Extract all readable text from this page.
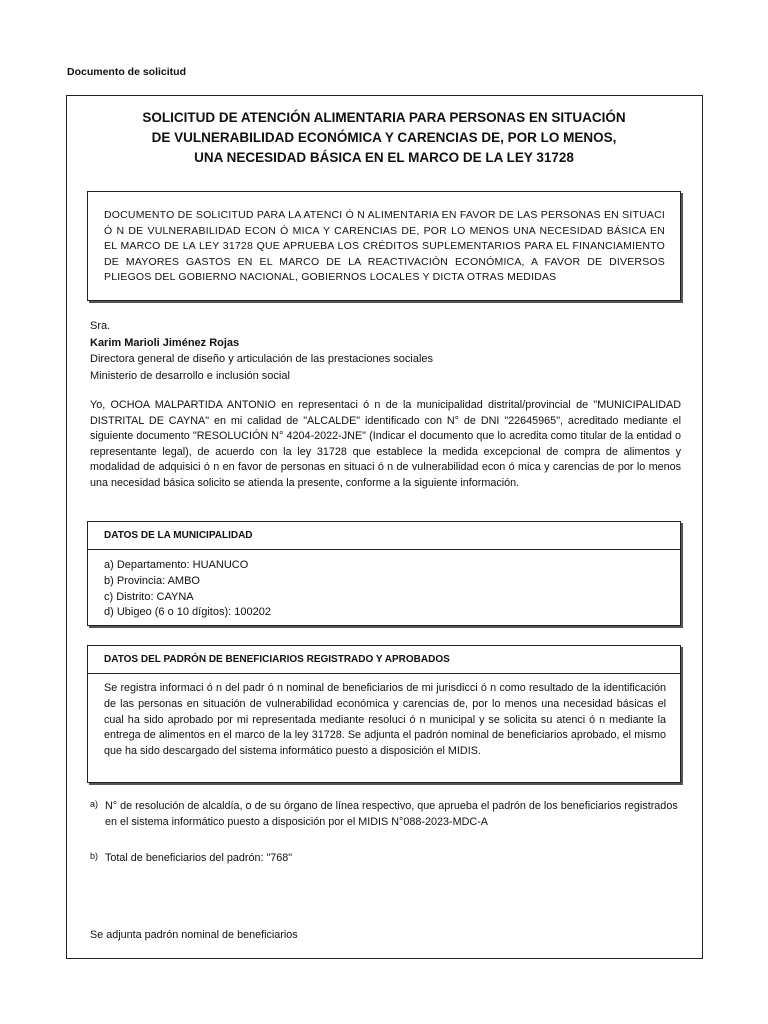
Documento de solicitud
SOLICITUD DE ATENCIÓN ALIMENTARIA PARA PERSONAS EN SITUACIÓN
DE VULNERABILIDAD ECONÓMICA Y CARENCIAS DE, POR LO MENOS,
UNA NECESIDAD BÁSICA EN EL MARCO DE LA LEY 31728
DOCUMENTO DE SOLICITUD PARA LA ATENCI Ó N ALIMENTARIA EN FAVOR DE LAS PERSONAS EN SITUACI Ó N DE VULNERABILIDAD ECON Ó MICA Y CARENCIAS DE, POR LO MENOS UNA NECESIDAD BÁSICA EN EL MARCO DE LA LEY 31728 QUE APRUEBA LOS CRÉDITOS SUPLEMENTARIOS PARA EL FINANCIAMIENTO DE MAYORES GASTOS EN EL MARCO DE LA REACTIVACIÓN ECONÓMICA, A FAVOR DE DIVERSOS PLIEGOS DEL GOBIERNO NACIONAL, GOBIERNOS LOCALES Y DICTA OTRAS MEDIDAS
Sra.
Karim Marioli Jiménez Rojas
Directora general de diseño y articulación de las prestaciones sociales
Ministerio de desarrollo e inclusión social
Yo, OCHOA MALPARTIDA ANTONIO en representaci ó n de la municipalidad distrital/provincial de "MUNICIPALIDAD DISTRITAL DE CAYNA" en mi calidad de "ALCALDE" identificado con N° de DNI "22645965", acreditado mediante el siguiente documento "RESOLUCIÓN N° 4204-2022-JNE" (Indicar el documento que lo acredita como titular de la entidad o representante legal), de acuerdo con la ley 31728 que establece la medida excepcional de compra de alimentos y modalidad de adquisici ó n en favor de personas en situaci ó n de vulnerabilidad econ ó mica y carencias de por lo menos una necesidad básica solicito se atienda la presente, conforme a la siguiente información.
DATOS DE LA MUNICIPALIDAD
a) Departamento: HUANUCO
b) Provincia: AMBO
c) Distrito: CAYNA
d) Ubigeo (6 o 10 dígitos): 100202
DATOS DEL PADRÓN DE BENEFICIARIOS REGISTRADO Y APROBADOS
Se registra informaci ó n del padr ó n nominal de beneficiarios de mi jurisdicci ó n como resultado de la identificación de las personas en situación de vulnerabilidad económica y carencias de, por lo menos una necesidad básicas el cual ha sido aprobado por mi representada mediante resoluci ó n municipal y se solicita su atenci ó n mediante la entrega de alimentos en el marco de la ley 31728. Se adjunta el padrón nominal de beneficiarios aprobado, el mismo que ha sido descargado del sistema informático puesto a disposición el MIDIS.
a) N° de resolución de alcaldía, o de su órgano de línea respectivo, que aprueba el padrón de los beneficiarios registrados en el sistema informático puesto a disposición por el MIDIS N°088-2023-MDC-A
b) Total de beneficiarios del padrón: "768"
Se adjunta padrón nominal de beneficiarios
